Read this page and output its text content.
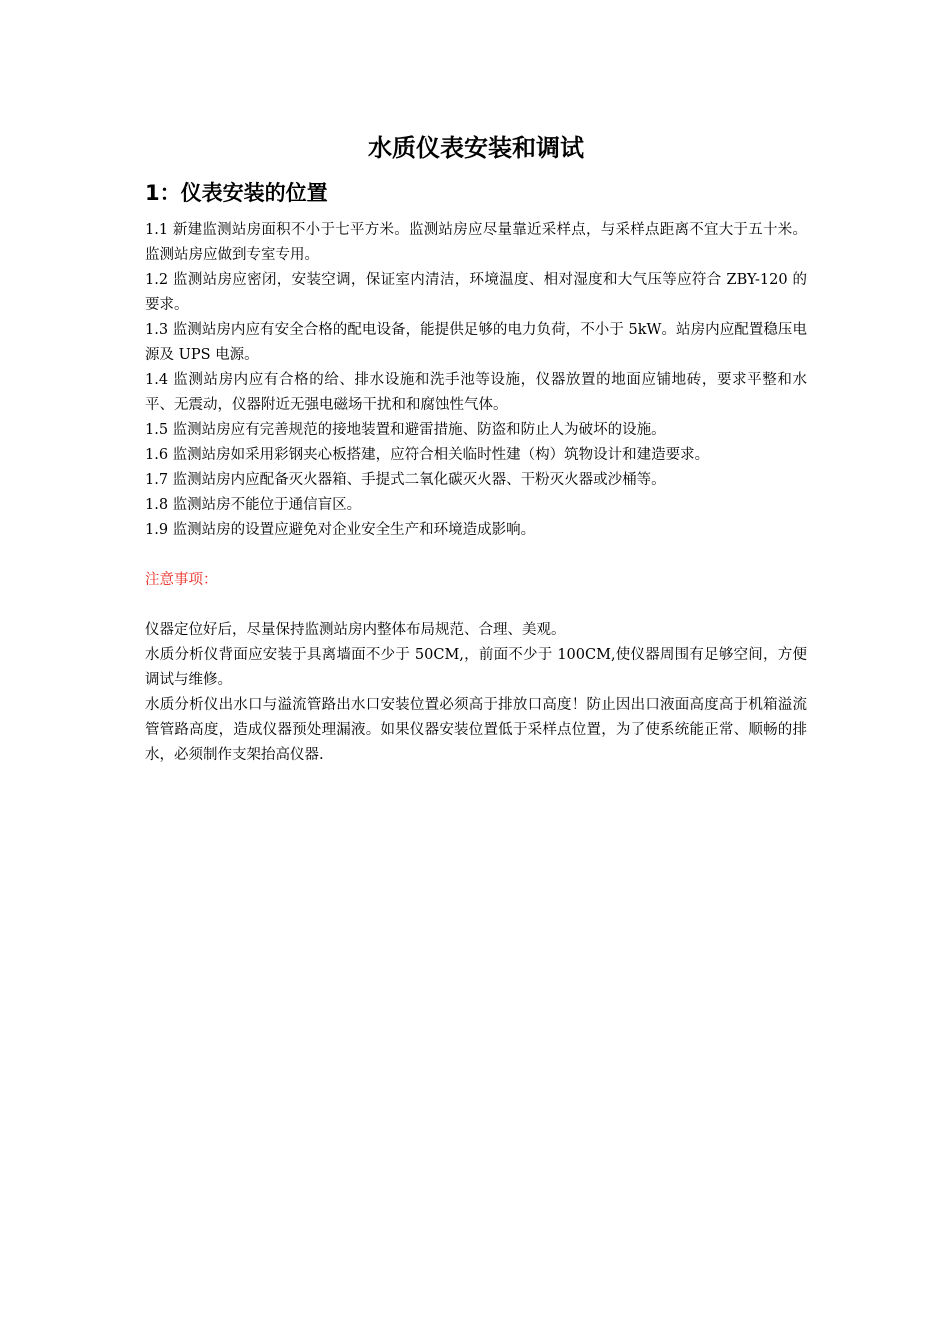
水质仪表安装和调试
1：仪表安装的位置

1.1 新建监测站房面积不小于七平方米。监测站房应尽量靠近采样点，与采样点距离不宜大于五十米。监测站房应做到专室专用。

1.2 监测站房应密闭，安装空调，保证室内清洁，环境温度、相对湿度和大气压等应符合 ZBY-120 的要求。

1.3 监测站房内应有安全合格的配电设备，能提供足够的电力负荷，不小于 5kW。站房内应配置稳压电源及 UPS 电源。

1.4 监测站房内应有合格的给、排水设施和洗手池等设施，仪器放置的地面应铺地砖，要求平整和水平、无震动，仪器附近无强电磁场干扰和和腐蚀性气体。

1.5 监测站房应有完善规范的接地装置和避雷措施、防盗和防止人为破坏的设施。

1.6 监测站房如采用彩钢夹心板搭建，应符合相关临时性建（构）筑物设计和建造要求。

1.7 监测站房内应配备灭火器箱、手提式二氧化碳灭火器、干粉灭火器或沙桶等。

1.8 监测站房不能位于通信盲区。

1.9 监测站房的设置应避免对企业安全生产和环境造成影响。

注意事项：

仪器定位好后，尽量保持监测站房内整体布局规范、合理、美观。

水质分析仪背面应安装于具离墙面不少于 50CM,，前面不少于 100CM,使仪器周围有足够空间，方便调试与维修。

水质分析仪出水口与溢流管路出水口安装位置必须高于排放口高度！防止因出口液面高度高于机箱溢流管管路高度，造成仪器预处理漏液。如果仪器安装位置低于采样点位置，为了使系统能正常、顺畅的排水，必须制作支架抬高仪器.
